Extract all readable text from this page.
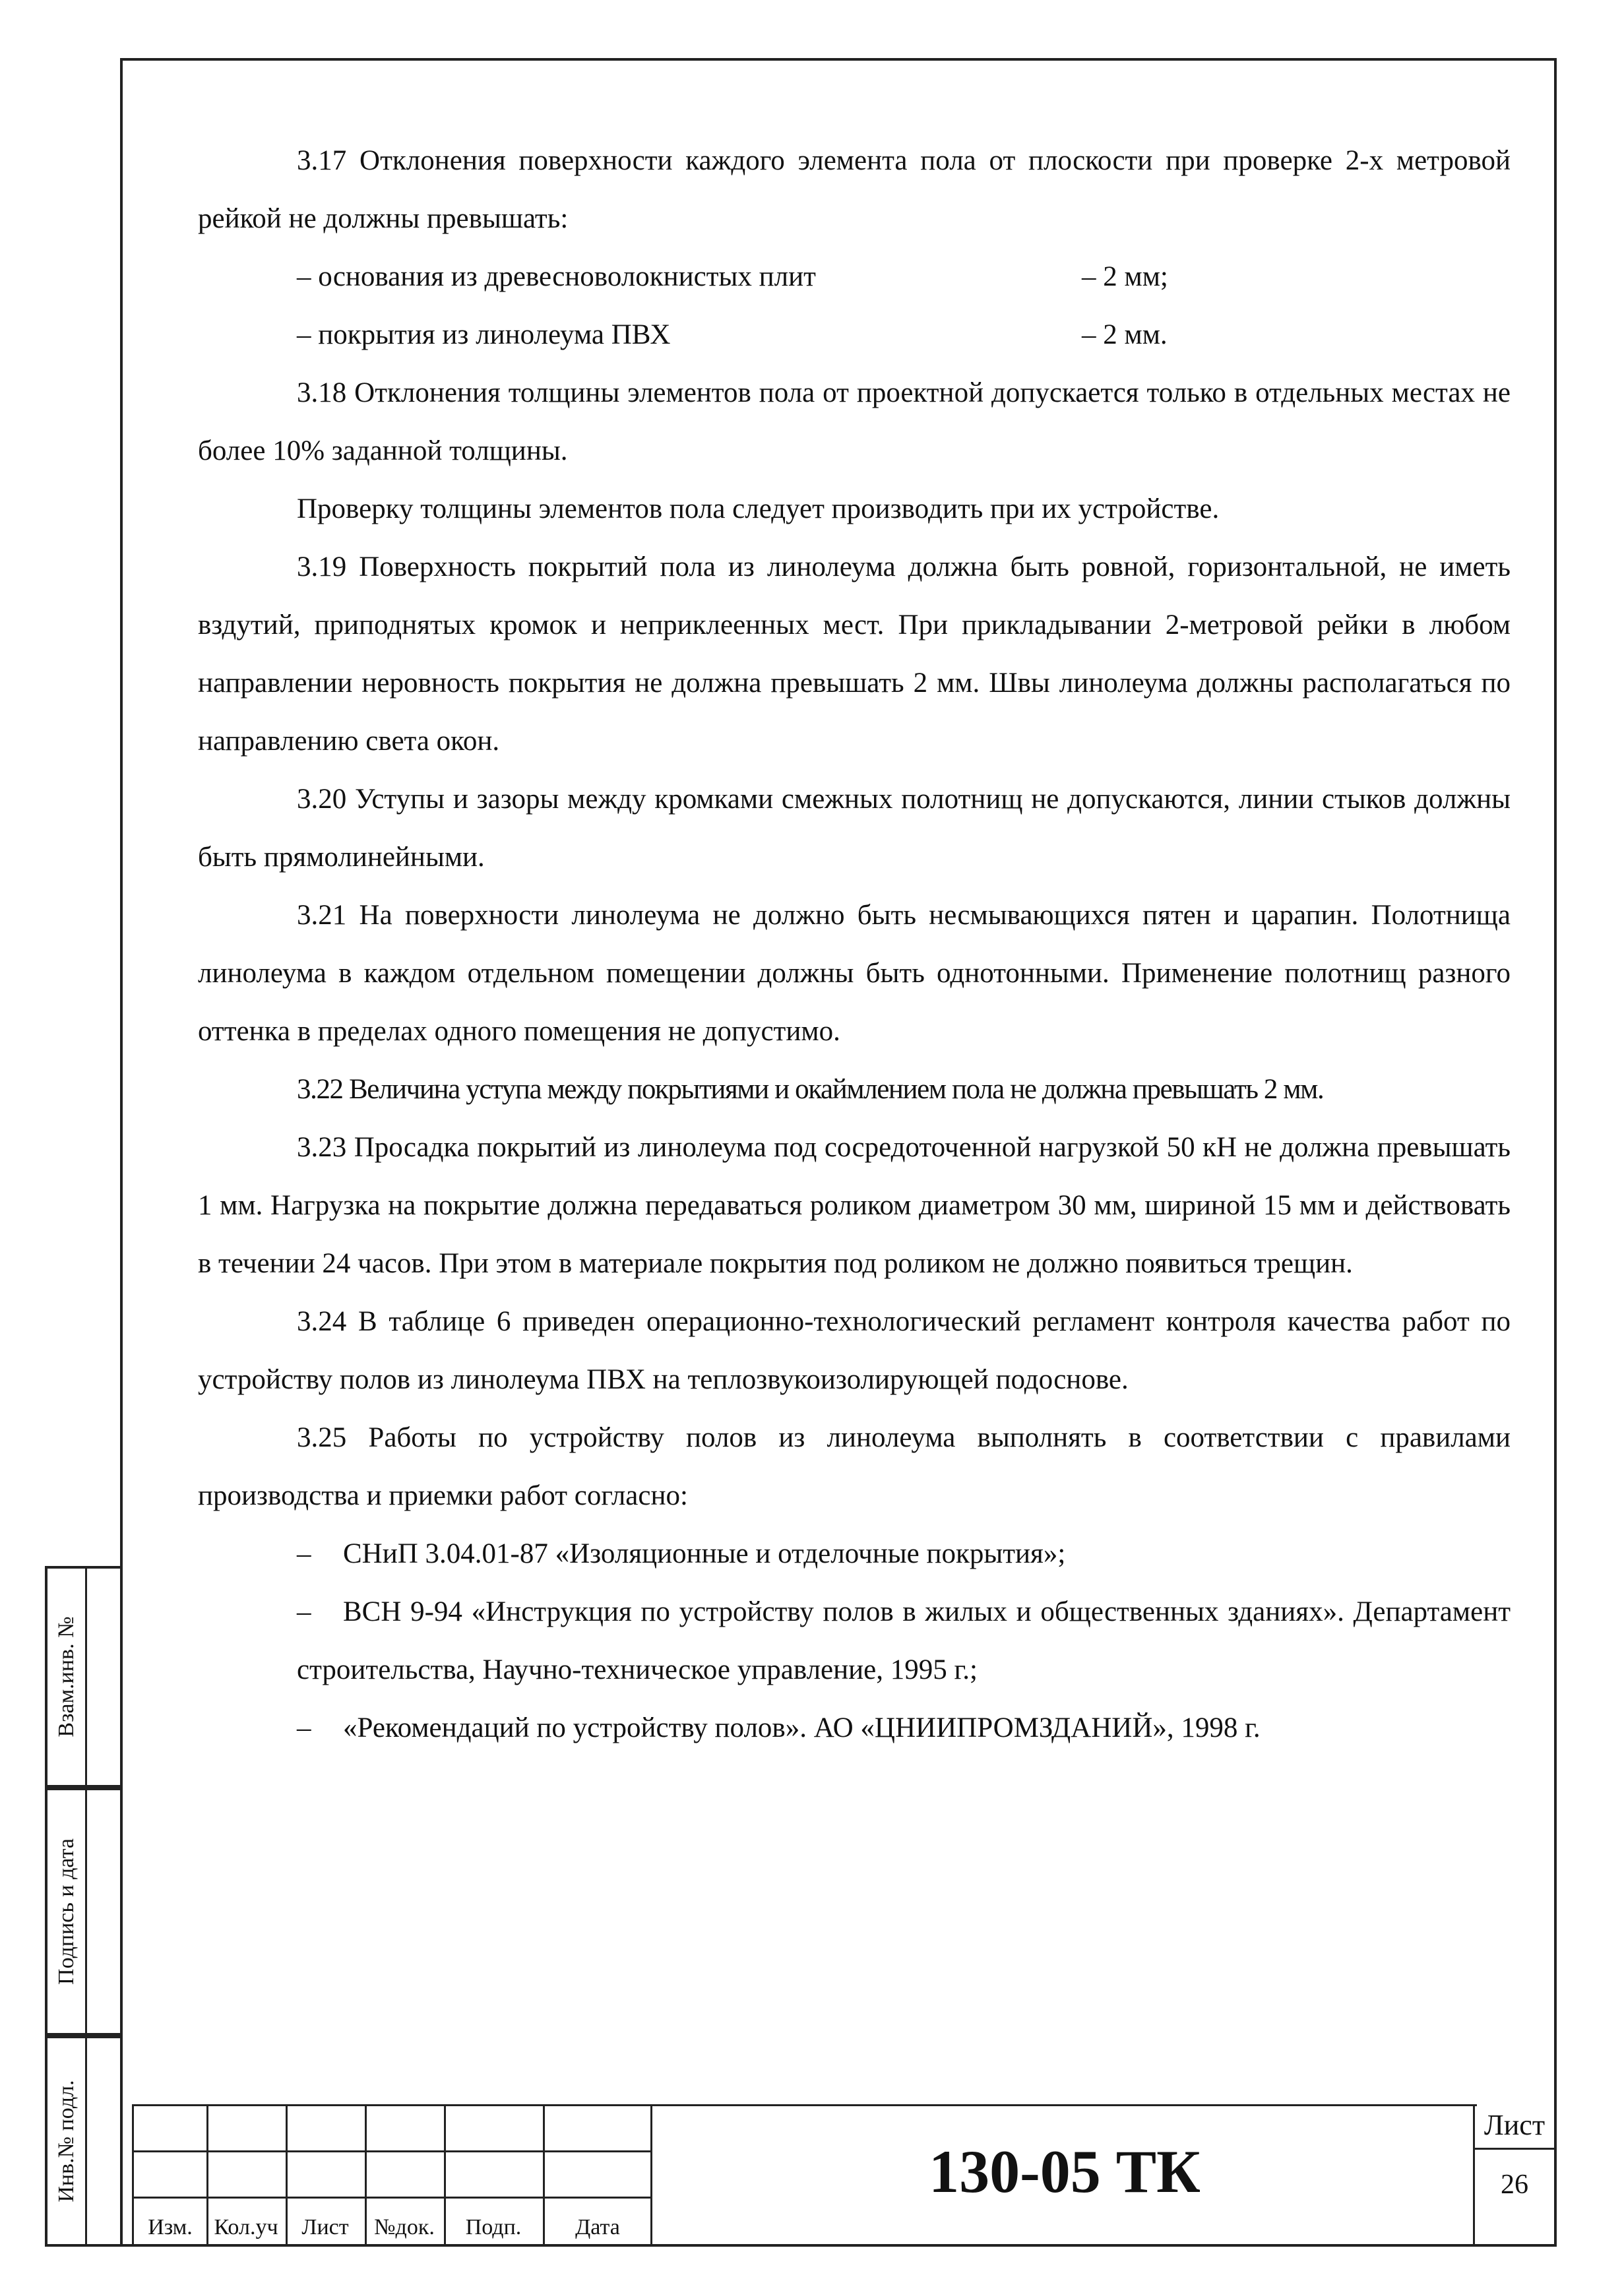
Взам.инв. №
Подпись и дата
Инв.№ подл.

3.17 Отклонения поверхности каждого элемента пола от плоскости при проверке 2-х метровой рейкой не должны превышать:

– основания из древесноволокнистых плит	– 2 мм;
– покрытия из линолеума ПВХ	– 2 мм.

3.18 Отклонения толщины элементов пола от проектной допускается только в отдельных местах не более 10% заданной толщины.

Проверку толщины элементов пола следует производить при их устройстве.

3.19 Поверхность покрытий пола из линолеума должна быть ровной, горизонтальной, не иметь вздутий, приподнятых кромок и неприклеенных мест. При прикладывании 2-метровой рейки в любом направлении неровность покрытия не должна превышать 2 мм. Швы линолеума должны располагаться по направлению света окон.

3.20 Уступы и зазоры между кромками смежных полотнищ не допускаются, линии стыков должны быть прямолинейными.

3.21 На поверхности линолеума не должно быть несмывающихся пятен и царапин. Полотнища линолеума в каждом отдельном помещении должны быть однотонными. Применение полотнищ разного оттенка в пределах одного помещения не допустимо.

3.22 Величина уступа между покрытиями и окаймлением пола не должна превышать 2 мм.

3.23 Просадка покрытий из линолеума под сосредоточенной нагрузкой 50 кН не должна превышать 1 мм. Нагрузка на покрытие должна передаваться роликом диаметром 30 мм, шириной 15 мм и действовать в течении 24 часов. При этом в материале покрытия под роликом не должно появиться трещин.

3.24 В таблице 6 приведен операционно-технологический регламент контроля качества работ по устройству полов из линолеума ПВХ на теплозвукоизолирующей подоснове.

3.25 Работы по устройству полов из линолеума выполнять в соответствии с правилами производства и приемки работ согласно:

– СНиП 3.04.01-87 «Изоляционные и отделочные покрытия»;

– ВСН 9-94 «Инструкция по устройству полов в жилых и общественных зданиях». Департамент строительства, Научно-техническое управление, 1995 г.;

– «Рекомендаций по устройству полов». АО «ЦНИИПРОМЗДАНИЙ», 1998 г.

Изм. Кол.уч	Лист	№док.	Подп.	Дата
130-05 ТК
Лист
26
